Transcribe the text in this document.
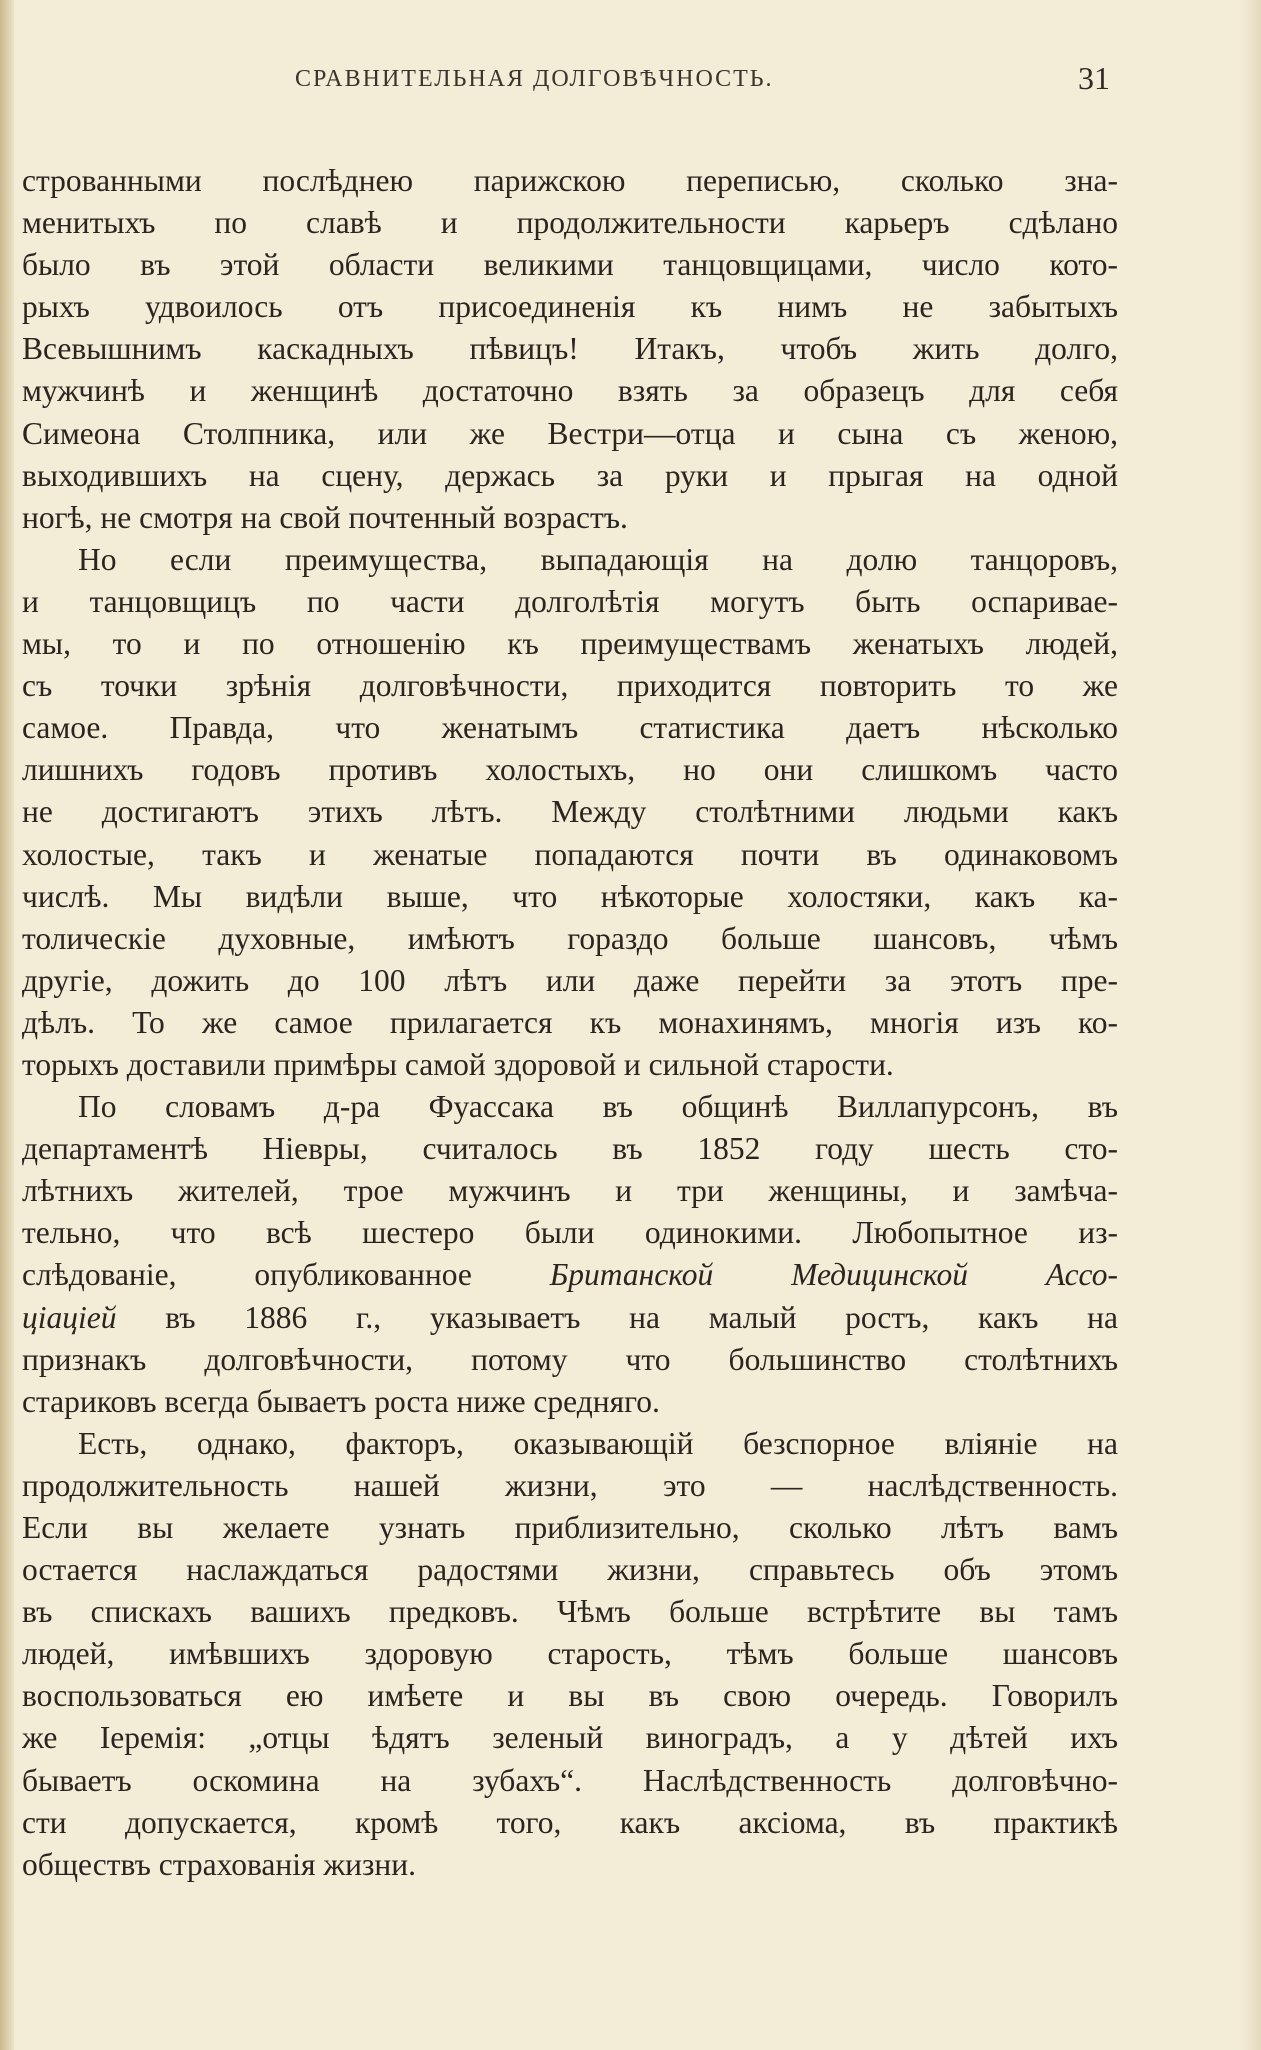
СРАВНИТЕЛЬНАЯ ДОЛГОВѢЧНОСТЬ.	31
строванными послѣднею парижскою переписью, сколько зна-
менитыхъ по славѣ и продолжительности карьеръ сдѣлано
было въ этой области великими танцовщицами, число кото-
рыхъ удвоилось отъ присоединенія къ нимъ не забытыхъ
Всевышнимъ каскадныхъ пѣвицъ! Итакъ, чтобъ жить долго,
мужчинѣ и женщинѣ достаточно взять за образецъ для себя
Симеона Столпника, или же Вестри—отца и сына съ женою,
выходившихъ на сцену, держась за руки и прыгая на одной
ногѣ, не смотря на свой почтенный возрастъ.
Но если преимущества, выпадающія на долю танцоровъ,
и танцовщицъ по части долголѣтія могутъ быть оспаривае-
мы, то и по отношенію къ преимуществамъ женатыхъ людей,
съ точки зрѣнія долговѣчности, приходится повторить то же
самое. Правда, что женатымъ статистика даетъ нѣсколько
лишнихъ годовъ противъ холостыхъ, но они слишкомъ часто
не достигаютъ этихъ лѣтъ. Между столѣтними людьми какъ
холостые, такъ и женатые попадаются почти въ одинаковомъ
числѣ. Мы видѣли выше, что нѣкоторые холостяки, какъ ка-
толическіе духовные, имѣютъ гораздо больше шансовъ, чѣмъ
другіе, дожить до 100 лѣтъ или даже перейти за этотъ пре-
дѣлъ. То же самое прилагается къ монахинямъ, многія изъ ко-
торыхъ доставили примѣры самой здоровой и сильной старости.
По словамъ д-ра Фуассака въ общинѣ Виллапурсонъ, въ
департаментѣ Ніевры, считалось въ 1852 году шесть сто-
лѣтнихъ жителей, трое мужчинъ и три женщины, и замѣча-
тельно, что всѣ шестеро были одинокими. Любопытное из-
слѣдованіе, опубликованное Британской Медицинской Ассо-
ціаціей въ 1886 г., указываетъ на малый ростъ, какъ на
признакъ долговѣчности, потому что большинство столѣтнихъ
стариковъ всегда бываетъ роста ниже средняго.
Есть, однако, факторъ, оказывающій безспорное вліяніе на
продолжительность нашей жизни, это — наслѣдственность.
Если вы желаете узнать приблизительно, сколько лѣтъ вамъ
остается наслаждаться радостями жизни, справьтесь объ этомъ
въ спискахъ вашихъ предковъ. Чѣмъ больше встрѣтите вы тамъ
людей, имѣвшихъ здоровую старость, тѣмъ больше шансовъ
воспользоваться ею имѣете и вы въ свою очередь. Говорилъ
же Іеремія: „отцы ѣдятъ зеленый виноградъ, а у дѣтей ихъ
бываетъ оскомина на зубахъ“. Наслѣдственность долговѣчно-
сти допускается, кромѣ того, какъ аксіома, въ практикѣ
обществъ страхованія жизни.
